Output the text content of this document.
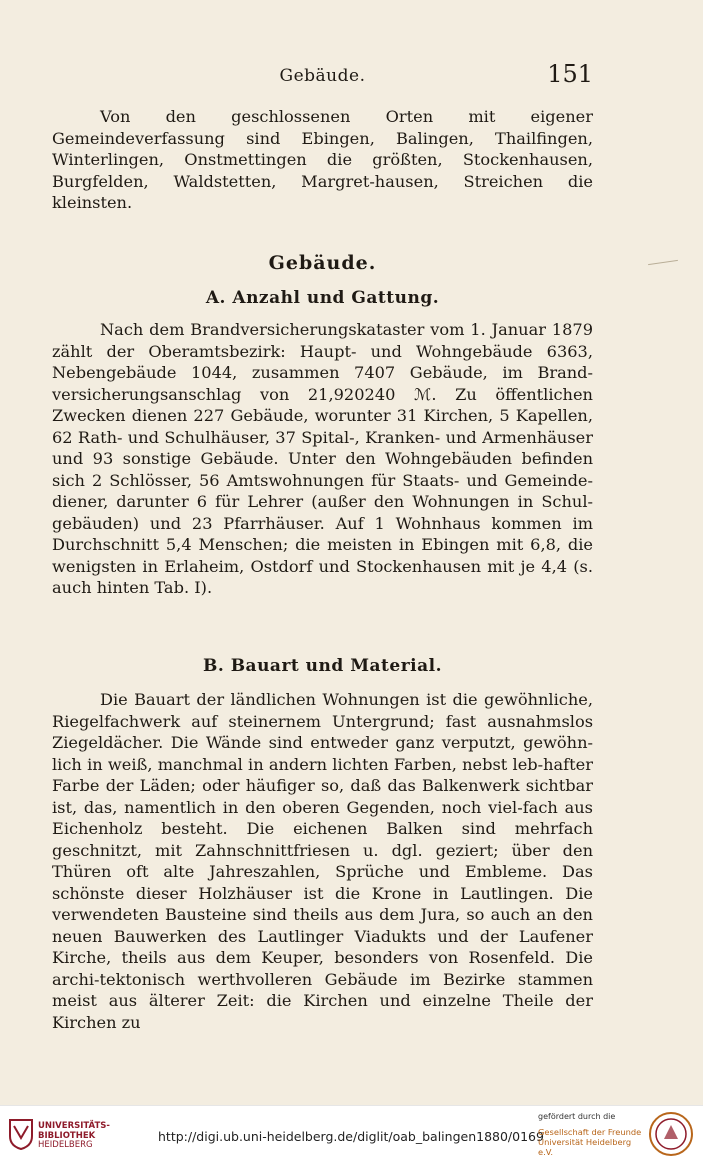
Gebäude.	151

Von den geschlossenen Orten mit eigener Gemeindeverfassung sind Ebingen, Balingen, Thailfingen, Winterlingen, Onstmettingen die größten, Stockenhausen, Burgfelden, Waldstetten, Margret-hausen, Streichen die kleinsten.

Gebäude.
A. Anzahl und Gattung.

Nach dem Brandversicherungskataster vom 1. Januar 1879 zählt der Oberamtsbezirk: Haupt- und Wohngebäude 6363, Nebengebäude 1044, zusammen 7407 Gebäude, im Brand-versicherungsanschlag von 21,920240 ℳ. Zu öffentlichen Zwecken dienen 227 Gebäude, worunter 31 Kirchen, 5 Kapellen, 62 Rath- und Schulhäuser, 37 Spital-, Kranken- und Armenhäuser und 93 sonstige Gebäude. Unter den Wohngebäuden befinden sich 2 Schlösser, 56 Amtswohnungen für Staats- und Gemeinde-diener, darunter 6 für Lehrer (außer den Wohnungen in Schul-gebäuden) und 23 Pfarrhäuser. Auf 1 Wohnhaus kommen im Durchschnitt 5,4 Menschen; die meisten in Ebingen mit 6,8, die wenigsten in Erlaheim, Ostdorf und Stockenhausen mit je 4,4 (s. auch hinten Tab. I).

B. Bauart und Material.

Die Bauart der ländlichen Wohnungen ist die gewöhnliche, Riegelfachwerk auf steinernem Untergrund; fast ausnahmslos Ziegeldächer. Die Wände sind entweder ganz verputzt, gewöhn-lich in weiß, manchmal in andern lichten Farben, nebst leb-hafter Farbe der Läden; oder häufiger so, daß das Balkenwerk sichtbar ist, das, namentlich in den oberen Gegenden, noch viel-fach aus Eichenholz besteht. Die eichenen Balken sind mehrfach geschnitzt, mit Zahnschnittfriesen u. dgl. geziert; über den Thüren oft alte Jahreszahlen, Sprüche und Embleme. Das schönste dieser Holzhäuser ist die Krone in Lautlingen. Die verwendeten Bausteine sind theils aus dem Jura, so auch an den neuen Bauwerken des Lautlinger Viadukts und der Laufener Kirche, theils aus dem Keuper, besonders von Rosenfeld. Die archi-tektonisch werthvolleren Gebäude im Bezirke stammen meist aus älterer Zeit: die Kirchen und einzelne Theile der Kirchen zu

UNIVERSITÄTS-
BIBLIOTHEK
HEIDELBERG
http://digi.ub.uni-heidelberg.de/diglit/oab_balingen1880/0169
gefördert durch die
Gesellschaft der Freunde
Universität Heidelberg e.V.
